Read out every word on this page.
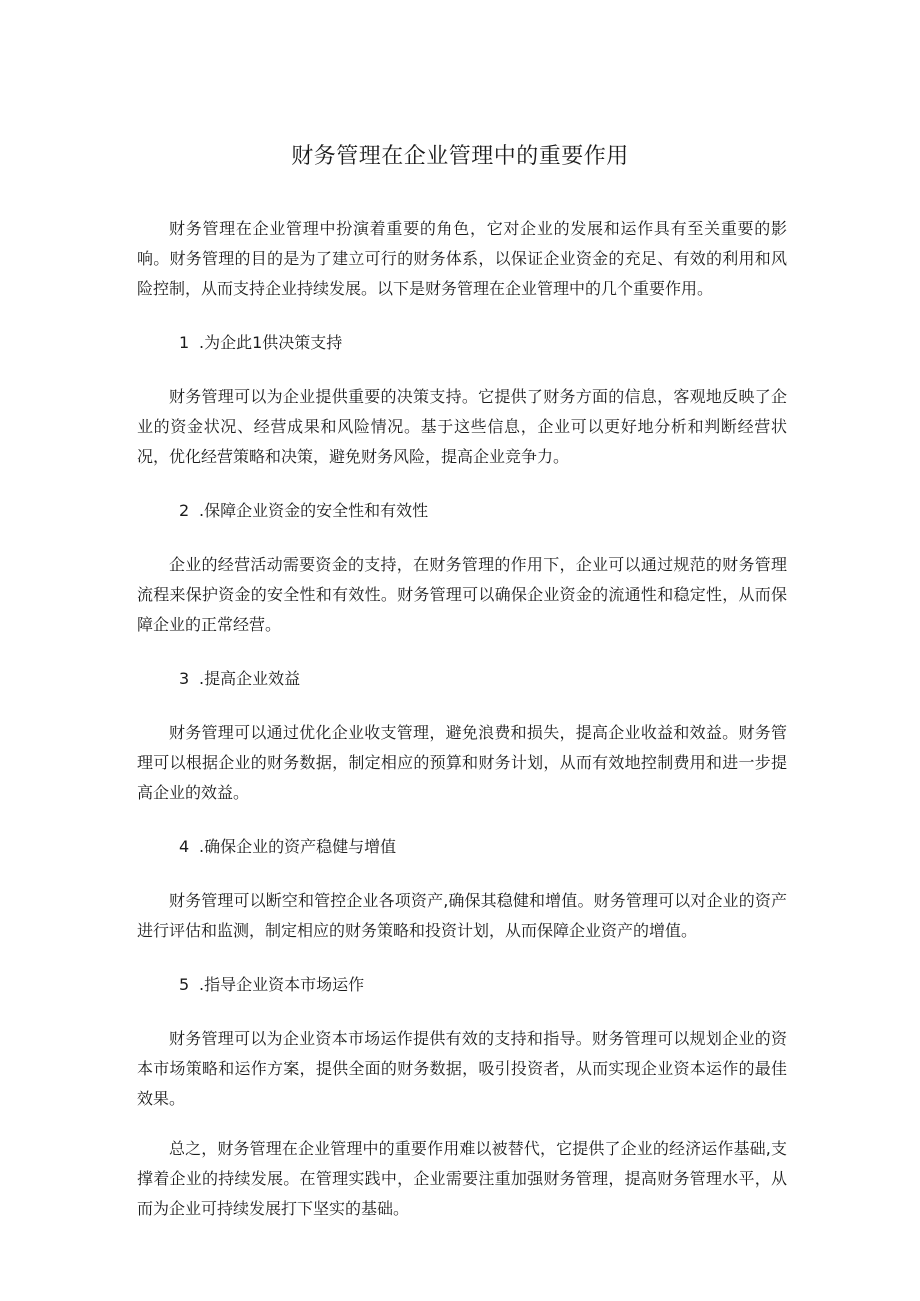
财务管理在企业管理中的重要作用

财务管理在企业管理中扮演着重要的角色，它对企业的发展和运作具有至关重要的影响。财务管理的目的是为了建立可行的财务体系，以保证企业资金的充足、有效的利用和风险控制，从而支持企业持续发展。以下是财务管理在企业管理中的几个重要作用。

1 .为企此1供决策支持

财务管理可以为企业提供重要的决策支持。它提供了财务方面的信息，客观地反映了企业的资金状况、经营成果和风险情况。基于这些信息，企业可以更好地分析和判断经营状况，优化经营策略和决策，避免财务风险，提高企业竞争力。

2 .保障企业资金的安全性和有效性

企业的经营活动需要资金的支持，在财务管理的作用下，企业可以通过规范的财务管理流程来保护资金的安全性和有效性。财务管理可以确保企业资金的流通性和稳定性，从而保障企业的正常经营。

3 .提高企业效益

财务管理可以通过优化企业收支管理，避免浪费和损失，提高企业收益和效益。财务管理可以根据企业的财务数据，制定相应的预算和财务计划，从而有效地控制费用和进一步提高企业的效益。

4 .确保企业的资产稳健与增值

财务管理可以断空和管控企业各项资产,确保其稳健和增值。财务管理可以对企业的资产进行评估和监测，制定相应的财务策略和投资计划，从而保障企业资产的增值。

5 .指导企业资本市场运作

财务管理可以为企业资本市场运作提供有效的支持和指导。财务管理可以规划企业的资本市场策略和运作方案，提供全面的财务数据，吸引投资者，从而实现企业资本运作的最佳效果。

总之，财务管理在企业管理中的重要作用难以被替代，它提供了企业的经济运作基础,支撑着企业的持续发展。在管理实践中，企业需要注重加强财务管理，提高财务管理水平，从而为企业可持续发展打下坚实的基础。
